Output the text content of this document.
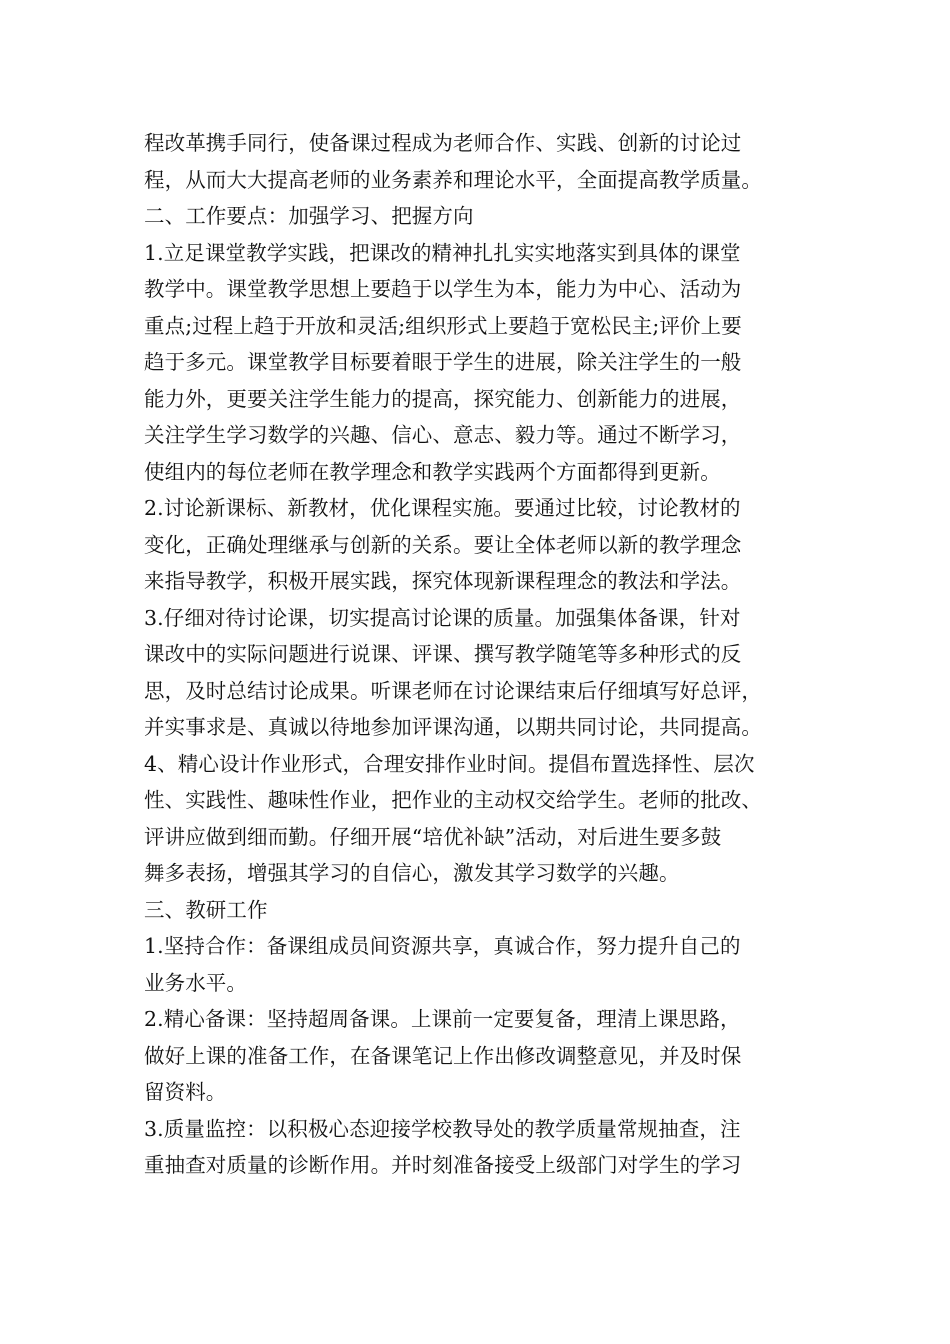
程改革携手同行，使备课过程成为老师合作、实践、创新的讨论过
程，从而大大提高老师的业务素养和理论水平，全面提高教学质量。
二、工作要点：加强学习、把握方向
1.立足课堂教学实践，把课改的精神扎扎实实地落实到具体的课堂
教学中。课堂教学思想上要趋于以学生为本，能力为中心、活动为
重点;过程上趋于开放和灵活;组织形式上要趋于宽松民主;评价上要
趋于多元。课堂教学目标要着眼于学生的进展，除关注学生的一般
能力外，更要关注学生能力的提高，探究能力、创新能力的进展，
关注学生学习数学的兴趣、信心、意志、毅力等。通过不断学习，
使组内的每位老师在教学理念和教学实践两个方面都得到更新。
2.讨论新课标、新教材，优化课程实施。要通过比较，讨论教材的
变化，正确处理继承与创新的关系。要让全体老师以新的教学理念
来指导教学，积极开展实践，探究体现新课程理念的教法和学法。
3.仔细对待讨论课，切实提高讨论课的质量。加强集体备课，针对
课改中的实际问题进行说课、评课、撰写教学随笔等多种形式的反
思，及时总结讨论成果。听课老师在讨论课结束后仔细填写好总评，
并实事求是、真诚以待地参加评课沟通，以期共同讨论，共同提高。
4、精心设计作业形式，合理安排作业时间。提倡布置选择性、层次
性、实践性、趣味性作业，把作业的主动权交给学生。老师的批改、
评讲应做到细而勤。仔细开展“培优补缺”活动，对后进生要多鼓
舞多表扬，增强其学习的自信心，激发其学习数学的兴趣。
三、教研工作
1.坚持合作：备课组成员间资源共享，真诚合作，努力提升自己的
业务水平。
2.精心备课：坚持超周备课。上课前一定要复备，理清上课思路，
做好上课的准备工作，在备课笔记上作出修改调整意见，并及时保
留资料。
3.质量监控：以积极心态迎接学校教导处的教学质量常规抽查，注
重抽查对质量的诊断作用。并时刻准备接受上级部门对学生的学习
